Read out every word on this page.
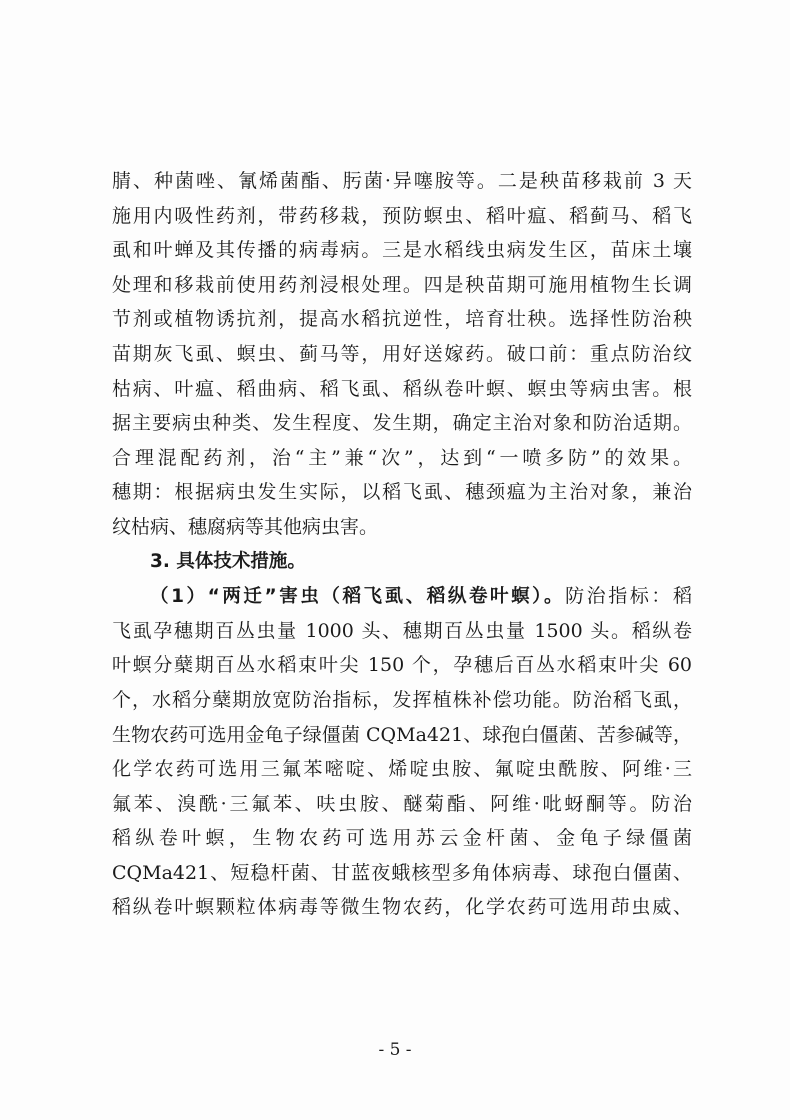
腈、种菌唑、氰烯菌酯、肟菌·异噻胺等。二是秧苗移栽前 3 天
施用内吸性药剂，带药移栽，预防螟虫、稻叶瘟、稻蓟马、稻飞
虱和叶蝉及其传播的病毒病。三是水稻线虫病发生区，苗床土壤
处理和移栽前使用药剂浸根处理。四是秧苗期可施用植物生长调
节剂或植物诱抗剂，提高水稻抗逆性，培育壮秧。选择性防治秧
苗期灰飞虱、螟虫、蓟马等，用好送嫁药。破口前：重点防治纹
枯病、叶瘟、稻曲病、稻飞虱、稻纵卷叶螟、螟虫等病虫害。根
据主要病虫种类、发生程度、发生期，确定主治对象和防治适期。
合理混配药剂，治“主”兼“次”，达到“一喷多防”的效果。
穗期：根据病虫发生实际，以稻飞虱、穗颈瘟为主治对象，兼治
纹枯病、穗腐病等其他病虫害。
3. 具体技术措施。
（1）“两迁”害虫（稻飞虱、稻纵卷叶螟）。防治指标：稻
飞虱孕穗期百丛虫量 1000 头、穗期百丛虫量 1500 头。稻纵卷
叶螟分蘖期百丛水稻束叶尖 150 个，孕穗后百丛水稻束叶尖 60
个，水稻分蘖期放宽防治指标，发挥植株补偿功能。防治稻飞虱，
生物农药可选用金龟子绿僵菌 CQMa421、球孢白僵菌、苦参碱等，
化学农药可选用三氟苯嘧啶、烯啶虫胺、氟啶虫酰胺、阿维·三
氟苯、溴酰·三氟苯、呋虫胺、醚菊酯、阿维·吡蚜酮等。防治
稻纵卷叶螟，生物农药可选用苏云金杆菌、金龟子绿僵菌
CQMa421、短稳杆菌、甘蓝夜蛾核型多角体病毒、球孢白僵菌、
稻纵卷叶螟颗粒体病毒等微生物农药，化学农药可选用茚虫威、
- 5 -
